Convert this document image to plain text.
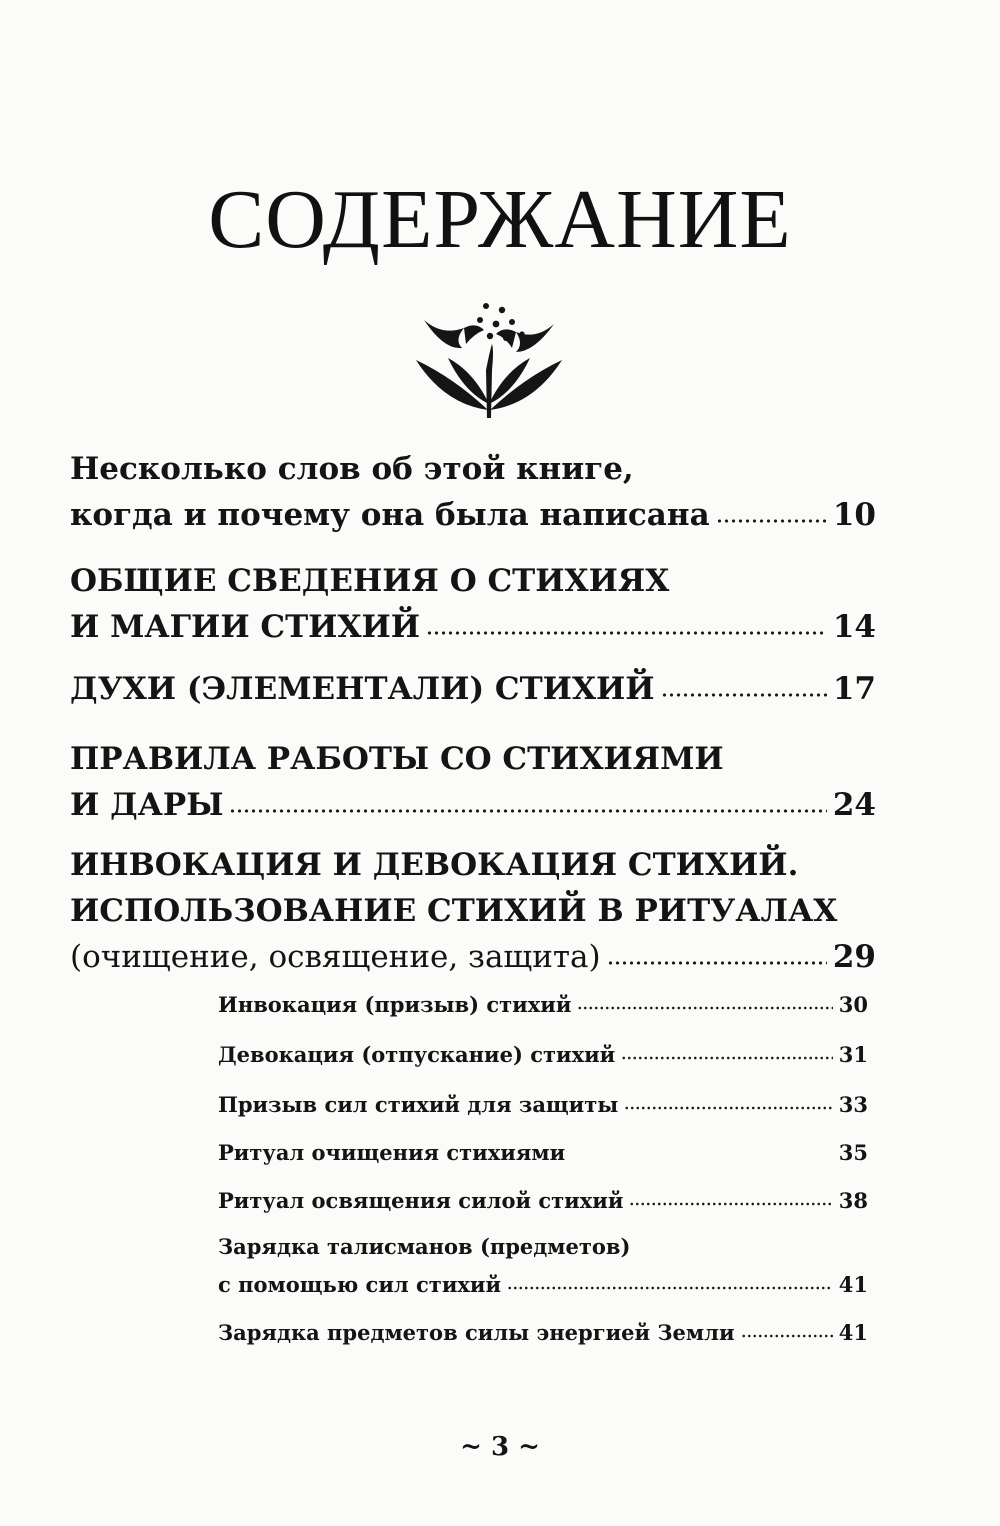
СОДЕРЖАНИЕ
Несколько слов об этой книге,
когда и почему она была написана	10
ОБЩИЕ СВЕДЕНИЯ О СТИХИЯХ
И МАГИИ СТИХИЙ	14
ДУХИ (ЭЛЕМЕНТАЛИ) СТИХИЙ	17
ПРАВИЛА РАБОТЫ СО СТИХИЯМИ
И ДАРЫ	24
ИНВОКАЦИЯ И ДЕВОКАЦИЯ СТИХИЙ.
ИСПОЛЬЗОВАНИЕ СТИХИЙ В РИТУАЛАХ
(очищение, освящение, защита)	29
Инвокация (призыв) стихий	30
Девокация (отпускание) стихий	31
Призыв сил стихий для защиты	33
Ритуал очищения стихиями	35
Ритуал освящения силой стихий	38
Зарядка талисманов (предметов)
с помощью сил стихий	41
Зарядка предметов силы энергией Земли	41
~ 3 ~
